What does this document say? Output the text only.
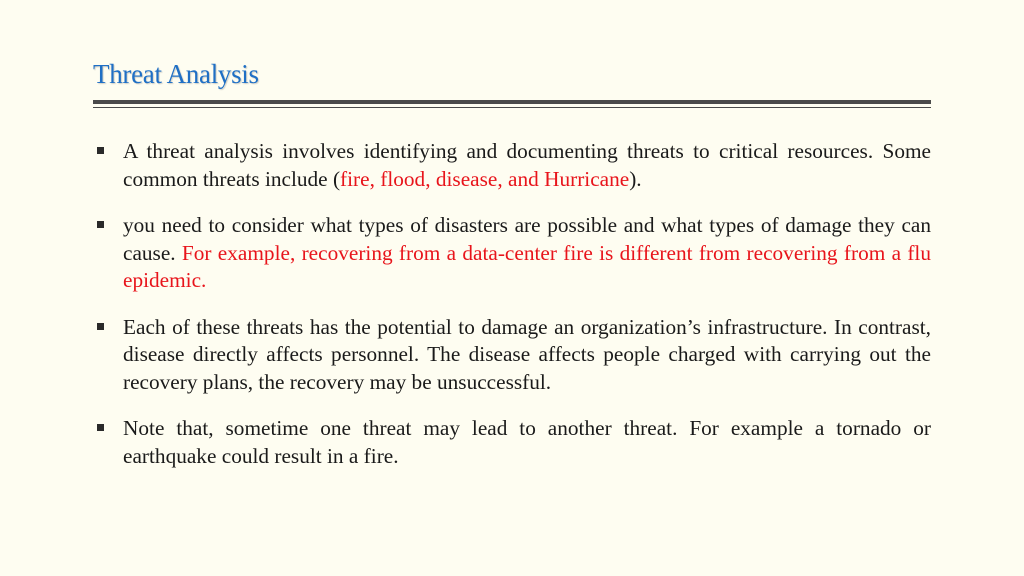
Threat Analysis
A threat analysis involves identifying and documenting threats to critical resources. Some common threats include (fire, flood, disease, and Hurricane).
you need to consider what types of disasters are possible and what types of damage they can cause. For example, recovering from a data-center fire is different from recovering from a flu epidemic.
Each of these threats has the potential to damage an organization’s infrastructure. In contrast, disease directly affects personnel. The disease affects people charged with carrying out the recovery plans, the recovery may be unsuccessful.
Note that, sometime one threat may lead to another threat. For example a tornado or earthquake could result in a fire.
